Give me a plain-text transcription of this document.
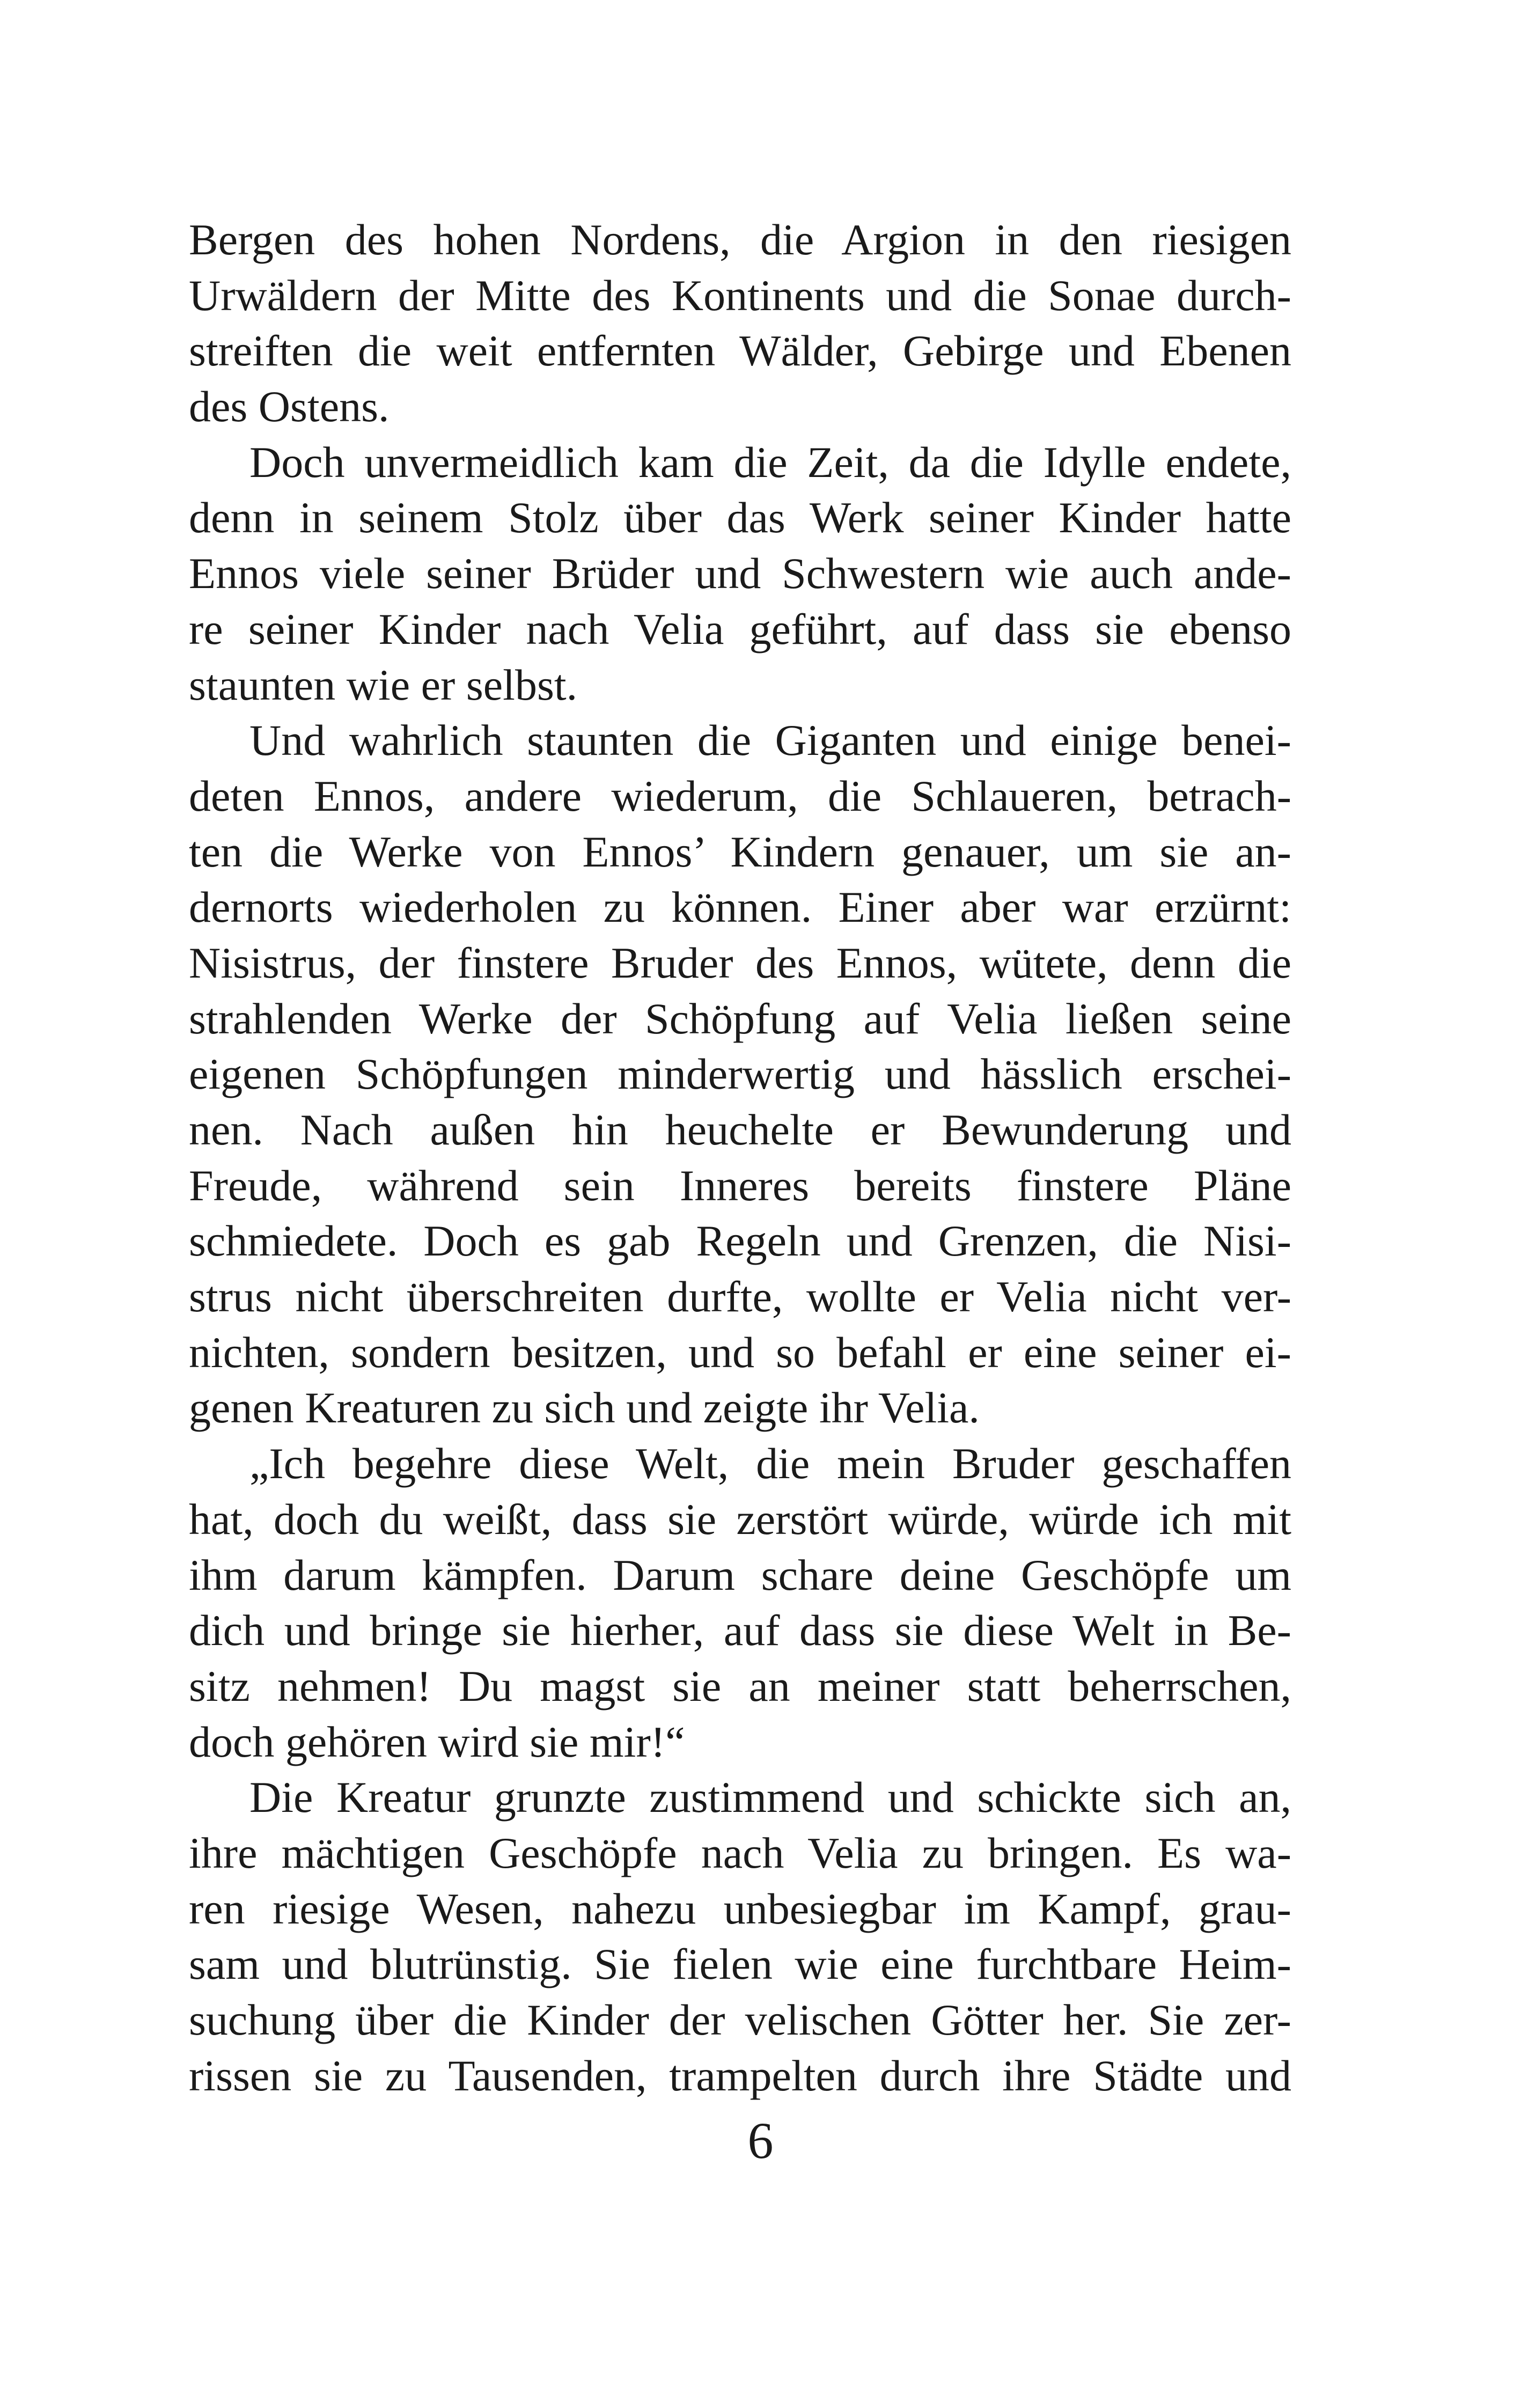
Bergen des hohen Nordens, die Argion in den riesigen
Urwäldern der Mitte des Kontinents und die Sonae durch-
streiften die weit entfernten Wälder, Gebirge und Ebenen
des Ostens.
Doch unvermeidlich kam die Zeit, da die Idylle endete,
denn in seinem Stolz über das Werk seiner Kinder hatte
Ennos viele seiner Brüder und Schwestern wie auch ande-
re seiner Kinder nach Velia geführt, auf dass sie ebenso
staunten wie er selbst.
Und wahrlich staunten die Giganten und einige benei-
deten Ennos, andere wiederum, die Schlaueren, betrach-
ten die Werke von Ennos’ Kindern genauer, um sie an-
dernorts wiederholen zu können. Einer aber war erzürnt:
Nisistrus, der finstere Bruder des Ennos, wütete, denn die
strahlenden Werke der Schöpfung auf Velia ließen seine
eigenen Schöpfungen minderwertig und hässlich erschei-
nen. Nach außen hin heuchelte er Bewunderung und
Freude, während sein Inneres bereits finstere Pläne
schmiedete. Doch es gab Regeln und Grenzen, die Nisi-
strus nicht überschreiten durfte, wollte er Velia nicht ver-
nichten, sondern besitzen, und so befahl er eine seiner ei-
genen Kreaturen zu sich und zeigte ihr Velia.
„Ich begehre diese Welt, die mein Bruder geschaffen
hat, doch du weißt, dass sie zerstört würde, würde ich mit
ihm darum kämpfen. Darum schare deine Geschöpfe um
dich und bringe sie hierher, auf dass sie diese Welt in Be-
sitz nehmen! Du magst sie an meiner statt beherrschen,
doch gehören wird sie mir!“
Die Kreatur grunzte zustimmend und schickte sich an,
ihre mächtigen Geschöpfe nach Velia zu bringen. Es wa-
ren riesige Wesen, nahezu unbesiegbar im Kampf, grau-
sam und blutrünstig. Sie fielen wie eine furchtbare Heim-
suchung über die Kinder der velischen Götter her. Sie zer-
rissen sie zu Tausenden, trampelten durch ihre Städte und
6
